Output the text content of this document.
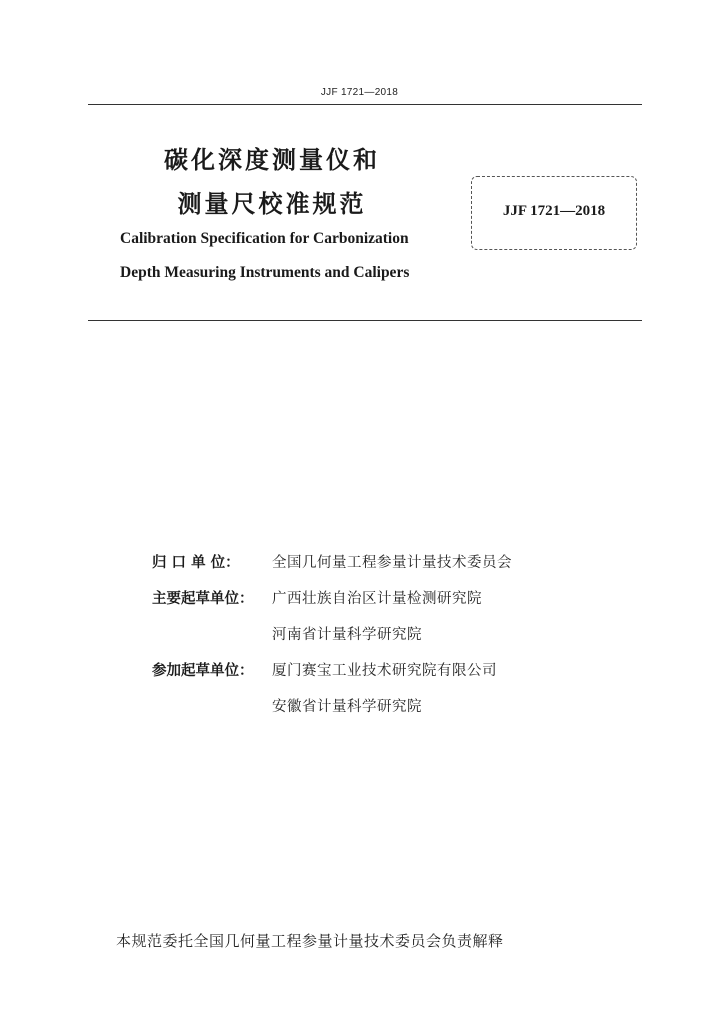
JJF 1721—2018
碳化深度测量仪和
测量尺校准规范
Calibration Specification for Carbonization
Depth Measuring Instruments and Calipers
JJF 1721—2018
归 口 单 位：	全国几何量工程参量计量技术委员会
主要起草单位：	广西壮族自治区计量检测研究院
河南省计量科学研究院
参加起草单位：	厦门赛宝工业技术研究院有限公司
安徽省计量科学研究院
本规范委托全国几何量工程参量计量技术委员会负责解释
